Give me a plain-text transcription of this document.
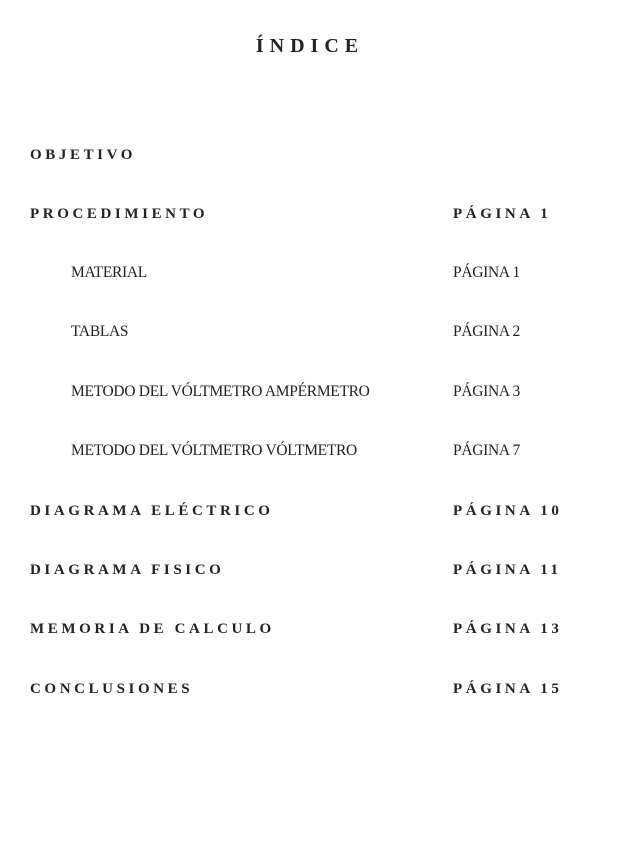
ÍNDICE
OBJETIVO
PROCEDIMIENTO	PÁGINA 1
MATERIAL	PÁGINA 1
TABLAS	PÁGINA 2
METODO DEL VÓLTMETRO AMPÉRMETRO	PÁGINA 3
METODO DEL VÓLTMETRO VÓLTMETRO	PÁGINA 7
DIAGRAMA ELÉCTRICO	PÁGINA 10
DIAGRAMA FISICO	PÁGINA 11
MEMORIA DE CALCULO	PÁGINA 13
CONCLUSIONES	PÁGINA 15
